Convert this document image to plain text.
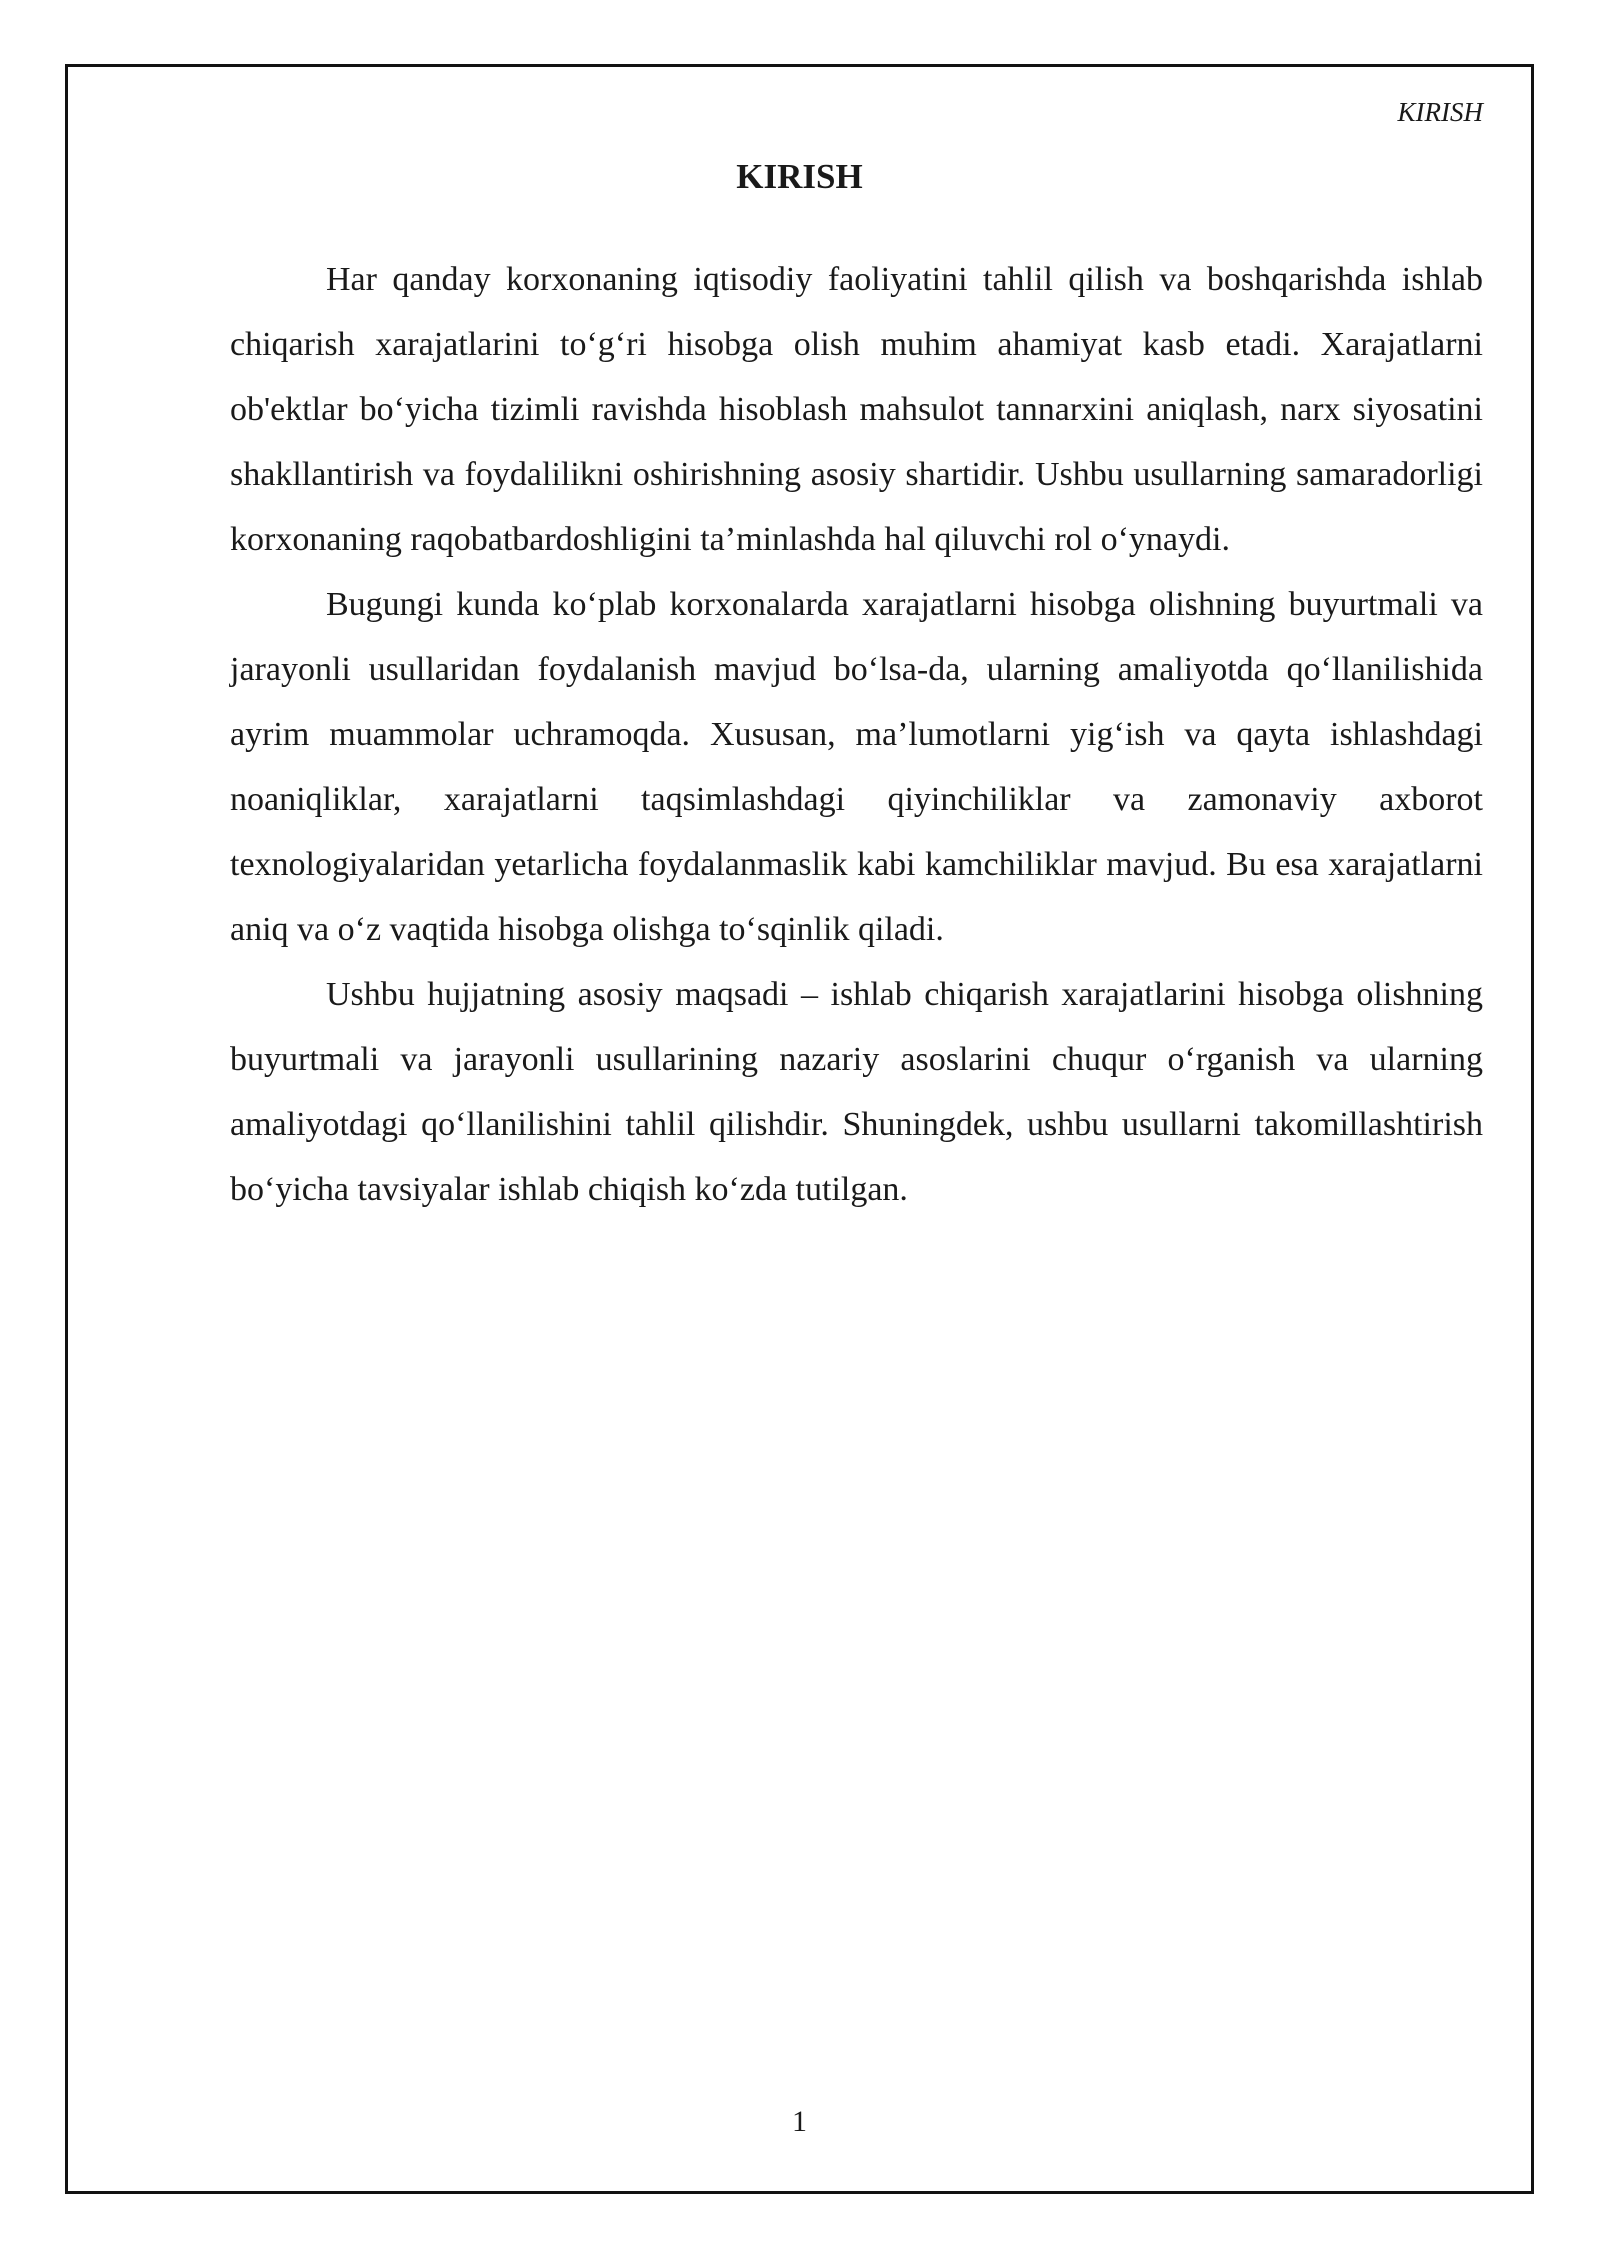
KIRISH
KIRISH

Har qanday korxonaning iqtisodiy faoliyatini tahlil qilish va boshqarishda ishlab chiqarish xarajatlarini to‘g‘ri hisobga olish muhim ahamiyat kasb etadi. Xarajatlarni ob'ektlar bo‘yicha tizimli ravishda hisoblash mahsulot tannarxini aniqlash, narx siyosatini shakllantirish va foydalilikni oshirishning asosiy shartidir. Ushbu usullarning samaradorligi korxonaning raqobatbardoshligini ta’minlashda hal qiluvchi rol o‘ynaydi.

Bugungi kunda ko‘plab korxonalarda xarajatlarni hisobga olishning buyurtmali va jarayonli usullaridan foydalanish mavjud bo‘lsa-da, ularning amaliyotda qo‘llanilishida ayrim muammolar uchramoqda. Xususan, ma’lumotlarni yig‘ish va qayta ishlashdagi noaniqliklar, xarajatlarni taqsimlashdagi qiyinchiliklar va zamonaviy axborot texnologiyalaridan yetarlicha foydalanmaslik kabi kamchiliklar mavjud. Bu esa xarajatlarni aniq va o‘z vaqtida hisobga olishga to‘sqinlik qiladi.

Ushbu hujjatning asosiy maqsadi – ishlab chiqarish xarajatlarini hisobga olishning buyurtmali va jarayonli usullarining nazariy asoslarini chuqur o‘rganish va ularning amaliyotdagi qo‘llanilishini tahlil qilishdir. Shuningdek, ushbu usullarni takomillashtirish bo‘yicha tavsiyalar ishlab chiqish ko‘zda tutilgan.

1
